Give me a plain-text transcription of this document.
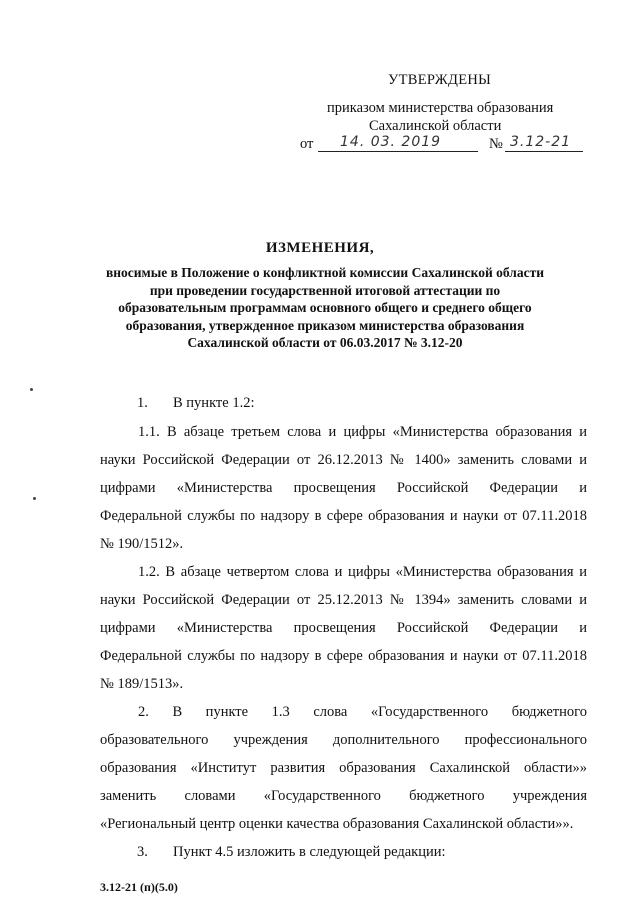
УТВЕРЖДЕНЫ
приказом министерства образования
Сахалинской области
от 14. 03. 2019	№ 3.12-21
ИЗМЕНЕНИЯ,
вносимые в Положение о конфликтной комиссии Сахалинской области
при проведении государственной итоговой аттестации по
образовательным программам основного общего и среднего общего
образования, утвержденное приказом министерства образования
Сахалинской области от 06.03.2017 № 3.12-20
1. В пункте 1.2:
1.1. В абзаце третьем слова и цифры «Министерства образования и
науки Российской Федерации от 26.12.2013 № 1400» заменить словами и
цифрами «Министерства просвещения Российской Федерации и
Федеральной службы по надзору в сфере образования и науки от 07.11.2018
№ 190/1512».
1.2. В абзаце четвертом слова и цифры «Министерства образования и
науки Российской Федерации от 25.12.2013 № 1394» заменить словами и
цифрами «Министерства просвещения Российской Федерации и
Федеральной службы по надзору в сфере образования и науки от 07.11.2018
№ 189/1513».
2. В пункте 1.3 слова «Государственного бюджетного
образовательного учреждения дополнительного профессионального
образования «Институт развития образования Сахалинской области»»
заменить словами «Государственного бюджетного учреждения
«Региональный центр оценки качества образования Сахалинской области»».
3. Пункт 4.5 изложить в следующей редакции:
3.12-21 (п)(5.0)
